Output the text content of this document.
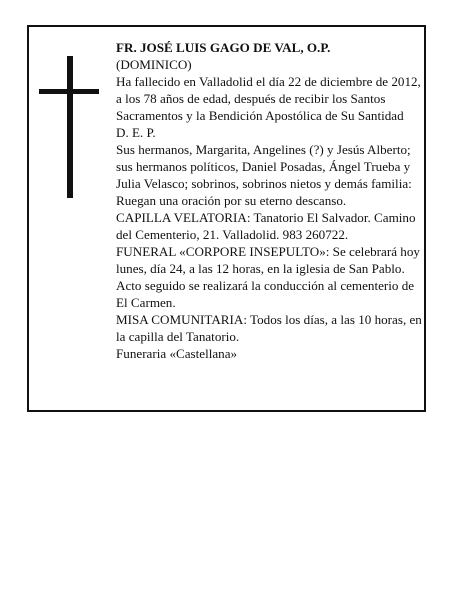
FR. JOSÉ LUIS GAGO DE VAL, O.P.

(DOMINICO)

Ha fallecido en Valladolid el día 22 de diciembre de 2012, a los 78 años de edad, después de recibir los Santos Sacramentos y la Bendición Apostólica de Su Santidad

D. E. P.

Sus hermanos, Margarita, Angelines (?) y Jesús Alberto; sus hermanos políticos, Daniel Posadas, Ángel Trueba y Julia Velasco; sobrinos, sobrinos nietos y demás familia:

Ruegan una oración por su eterno descanso.

CAPILLA VELATORIA: Tanatorio El Salvador. Camino del Cementerio, 21. Valladolid. 983 260722.

FUNERAL «CORPORE INSEPULTO»: Se celebrará hoy lunes, día 24, a las 12 horas, en la iglesia de San Pablo. Acto seguido se realizará la conducción al cementerio de El Carmen.

MISA COMUNITARIA: Todos los días, a las 10 horas, en la capilla del Tanatorio.

Funeraria «Castellana»
